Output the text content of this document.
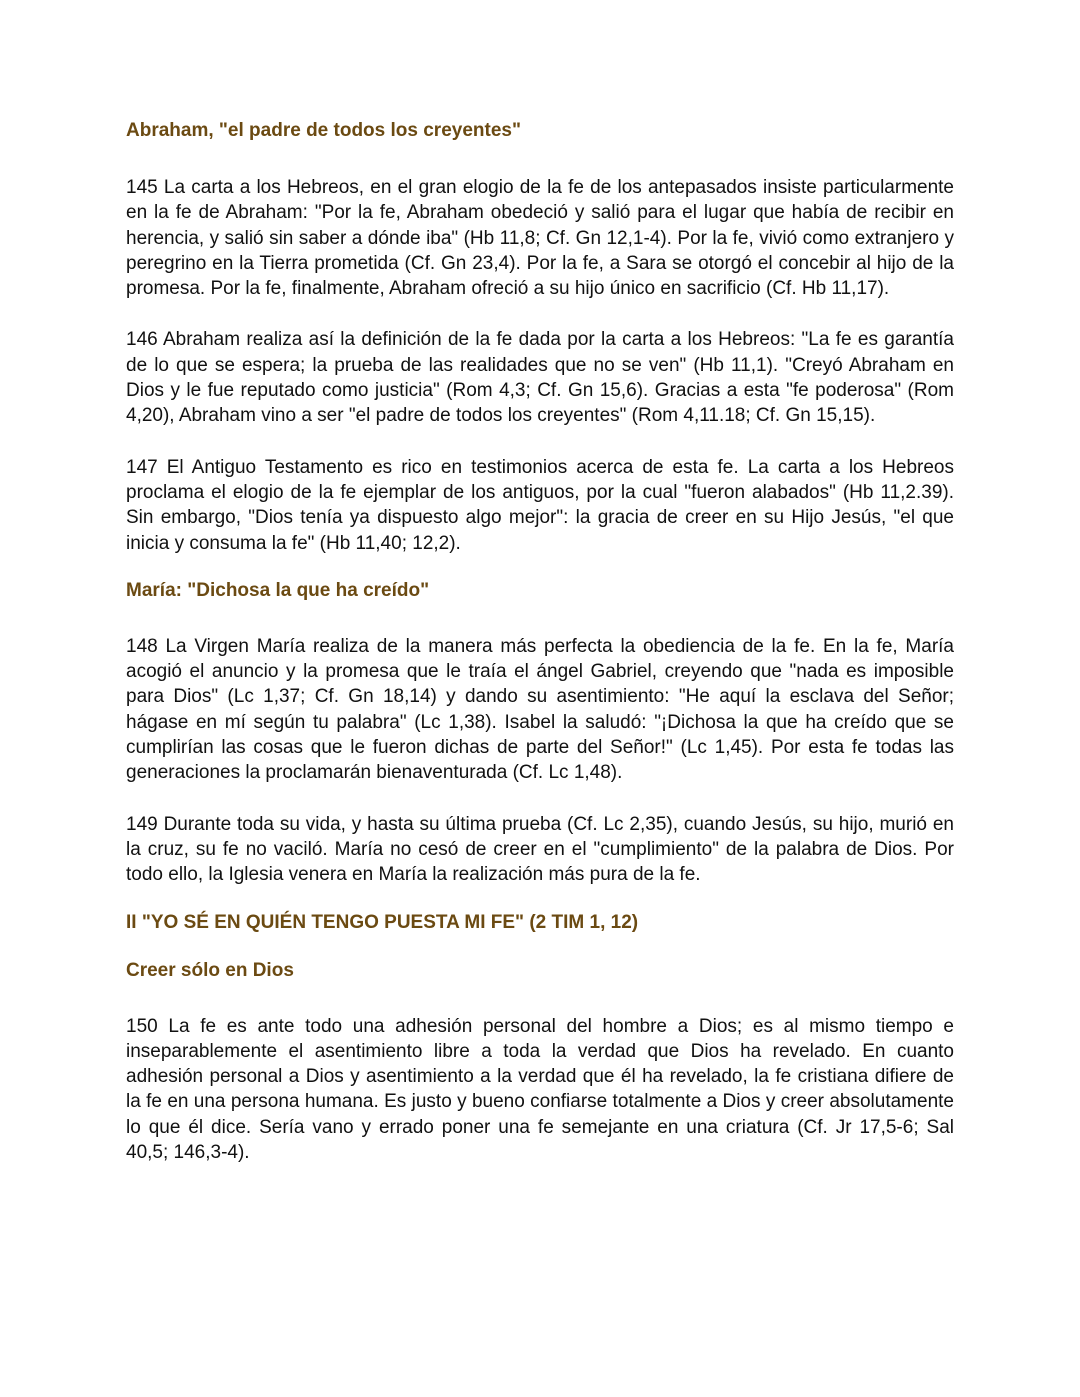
Abraham, "el padre de todos los creyentes"

145 La carta a los Hebreos, en el gran elogio de la fe de los antepasados insiste particularmente en la fe de Abraham: "Por la fe, Abraham obedeció y salió para el lugar que había de recibir en herencia, y salió sin saber a dónde iba" (Hb 11,8; Cf. Gn 12,1-4). Por la fe, vivió como extranjero y peregrino en la Tierra prometida (Cf. Gn 23,4). Por la fe, a Sara se otorgó el concebir al hijo de la promesa. Por la fe, finalmente, Abraham ofreció a su hijo único en sacrificio (Cf. Hb 11,17).

146 Abraham realiza así la definición de la fe dada por la carta a los Hebreos: "La fe es garantía de lo que se espera; la prueba de las realidades que no se ven" (Hb 11,1). "Creyó Abraham en Dios y le fue reputado como justicia" (Rom 4,3; Cf. Gn 15,6). Gracias a esta "fe poderosa" (Rom 4,20), Abraham vino a ser "el padre de todos los creyentes" (Rom 4,11.18; Cf. Gn 15,15).

147 El Antiguo Testamento es rico en testimonios acerca de esta fe. La carta a los Hebreos proclama el elogio de la fe ejemplar de los antiguos, por la cual "fueron alabados" (Hb 11,2.39). Sin embargo, "Dios tenía ya dispuesto algo mejor": la gracia de creer en su Hijo Jesús, "el que inicia y consuma la fe" (Hb 11,40; 12,2).

María: "Dichosa la que ha creído"

148 La Virgen María realiza de la manera más perfecta la obediencia de la fe. En la fe, María acogió el anuncio y la promesa que le traía el ángel Gabriel, creyendo que "nada es imposible para Dios" (Lc 1,37; Cf. Gn 18,14) y dando su asentimiento: "He aquí la esclava del Señor; hágase en mí según tu palabra" (Lc 1,38). Isabel la saludó: "¡Dichosa la que ha creído que se cumplirían las cosas que le fueron dichas de parte del Señor!" (Lc 1,45). Por esta fe todas las generaciones la proclamarán bienaventurada (Cf. Lc 1,48).

149 Durante toda su vida, y hasta su última prueba (Cf. Lc 2,35), cuando Jesús, su hijo, murió en la cruz, su fe no vaciló. María no cesó de creer en el "cumplimiento" de la palabra de Dios. Por todo ello, la Iglesia venera en María la realización más pura de la fe.

II "YO SÉ EN QUIÉN TENGO PUESTA MI FE" (2 TIM 1, 12)
Creer sólo en Dios

150 La fe es ante todo una adhesión personal del hombre a Dios; es al mismo tiempo e inseparablemente el asentimiento libre a toda la verdad que Dios ha revelado. En cuanto adhesión personal a Dios y asentimiento a la verdad que él ha revelado, la fe cristiana difiere de la fe en una persona humana. Es justo y bueno confiarse totalmente a Dios y creer absolutamente lo que él dice. Sería vano y errado poner una fe semejante en una criatura (Cf. Jr 17,5-6; Sal 40,5; 146,3-4).
